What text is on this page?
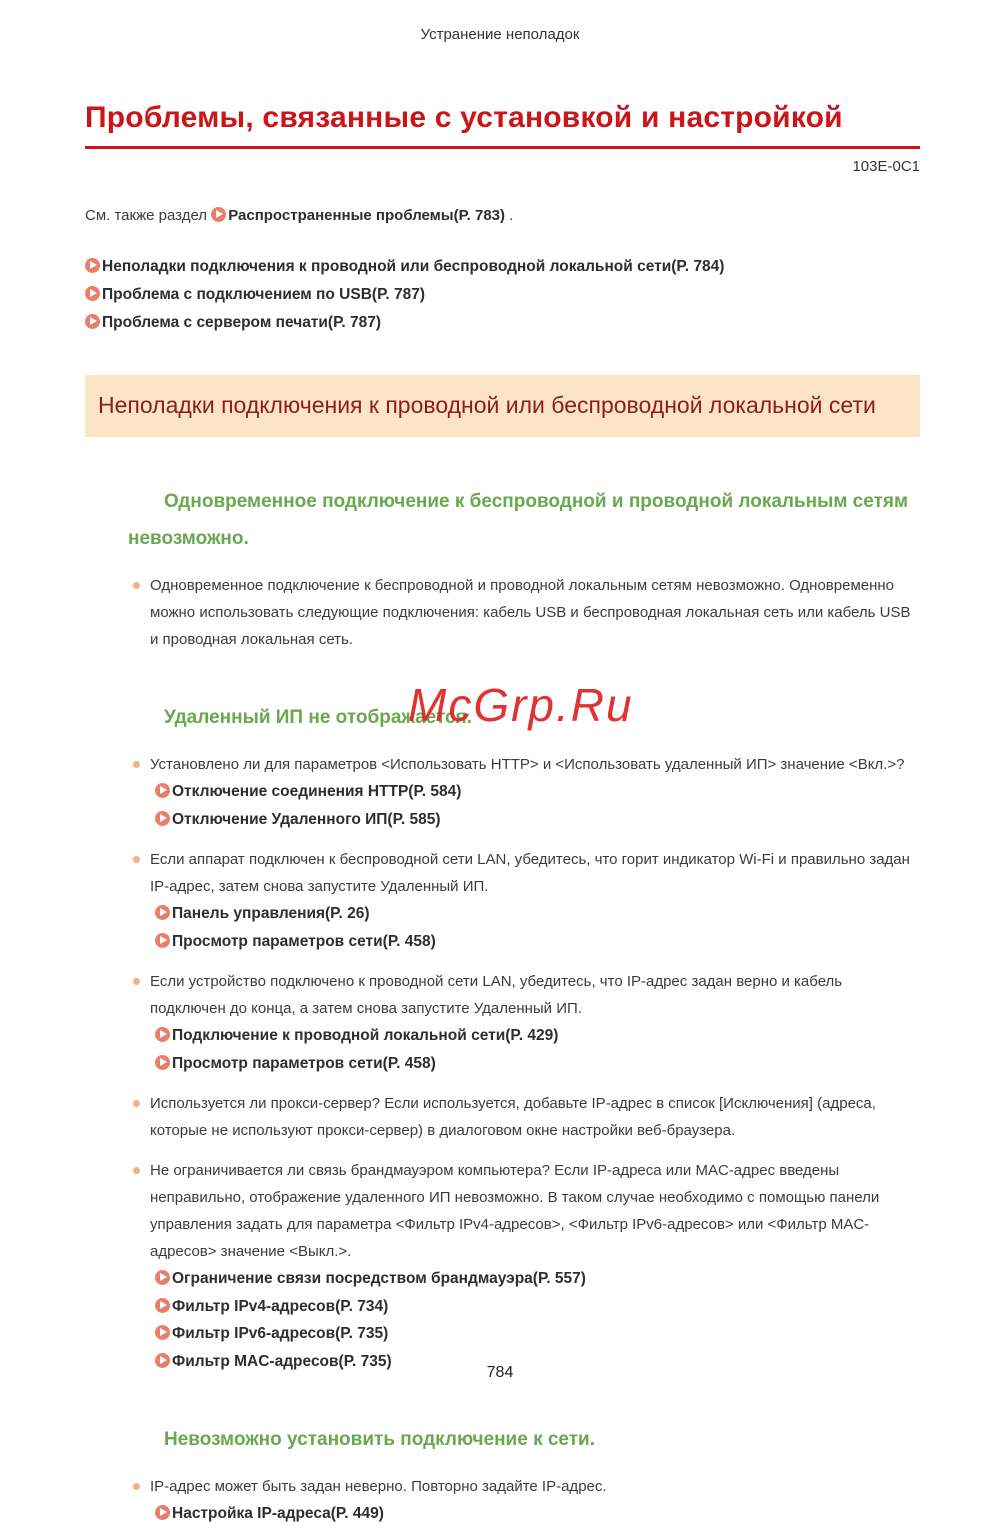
Устранение неполадок
Проблемы, связанные с установкой и настройкой
103E-0C1

См. также раздел Распространенные проблемы(P. 783) .

Неполадки подключения к проводной или беспроводной локальной сети(P. 784)
Проблема с подключением по USB(P. 787)
Проблема с сервером печати(P. 787)
Неполадки подключения к проводной или беспроводной локальной сети
Одновременное подключение к беспроводной и проводной локальным сетям невозможно.
Одновременное подключение к беспроводной и проводной локальным сетям невозможно. Одновременно можно использовать следующие подключения: кабель USB и беспроводная локальная сеть или кабель USB и проводная локальная сеть.
Удаленный ИП не отображается.
Установлено ли для параметров <Использовать HTTP> и <Использовать удаленный ИП> значение <Вкл.>?
Отключение соединения HTTP(P. 584)
Отключение Удаленного ИП(P. 585)
Если аппарат подключен к беспроводной сети LAN, убедитесь, что горит индикатор Wi-Fi и правильно задан IP-адрес, затем снова запустите Удаленный ИП.
Панель управления(P. 26)
Просмотр параметров сети(P. 458)
Если устройство подключено к проводной сети LAN, убедитесь, что IP-адрес задан верно и кабель подключен до конца, а затем снова запустите Удаленный ИП.
Подключение к проводной локальной сети(P. 429)
Просмотр параметров сети(P. 458)
Используется ли прокси-сервер? Если используется, добавьте IP-адрес в список [Исключения] (адреса, которые не используют прокси-сервер) в диалоговом окне настройки веб-браузера.
Не ограничивается ли связь брандмауэром компьютера? Если IP-адреса или MAC-адрес введены неправильно, отображение удаленного ИП невозможно. В таком случае необходимо с помощью панели управления задать для параметра <Фильтр IPv4-адресов>, <Фильтр IPv6-адресов> или <Фильтр MAC-адресов> значение <Выкл.>.
Ограничение связи посредством брандмауэра(P. 557)
Фильтр IPv4-адресов(P. 734)
Фильтр IPv6-адресов(P. 735)
Фильтр MAC-адресов(P. 735)
Невозможно установить подключение к сети.
IP-адрес может быть задан неверно. Повторно задайте IP-адрес.
Настройка IP-адреса(P. 449)
McGrp.Ru
784
